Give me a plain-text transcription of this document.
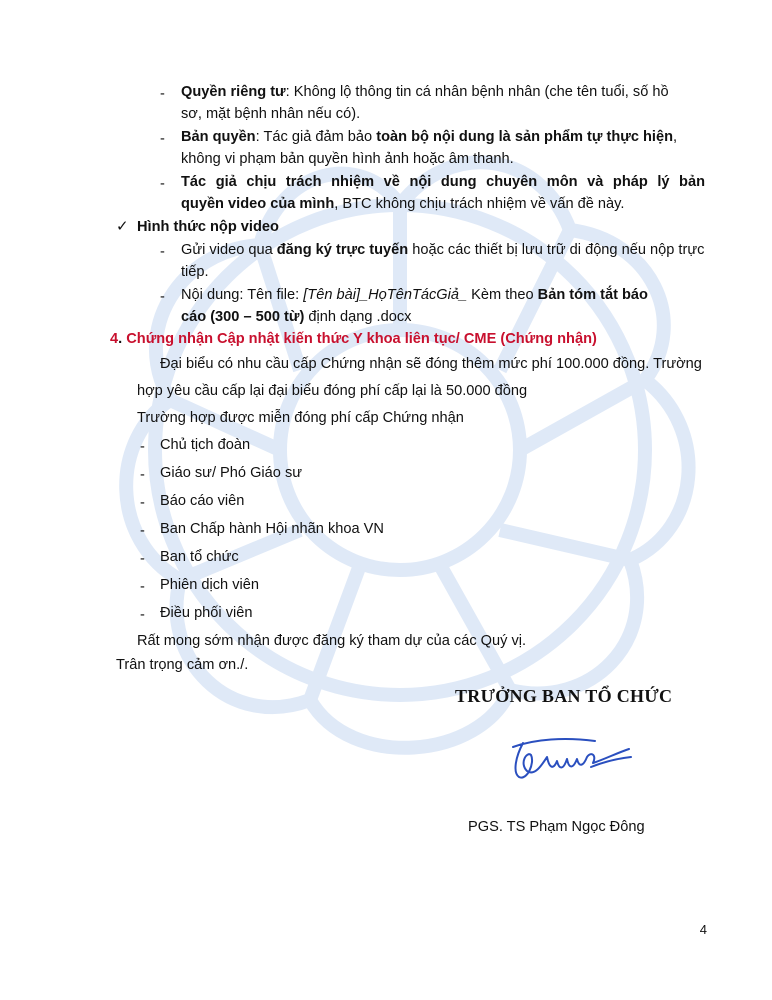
-	Quyền riêng tư: Không lộ thông tin cá nhân bệnh nhân (che tên tuổi, số hồ
sơ, mặt bệnh nhân nếu có).
-	Bản quyền: Tác giả đảm bảo toàn bộ nội dung là sản phẩm tự thực hiện,
không vi phạm bản quyền hình ảnh hoặc âm thanh.
-	Tác giả chịu trách nhiệm về nội dung chuyên môn và pháp lý bản
quyền video của mình, BTC không chịu trách nhiệm về vấn đề này.
✓ Hình thức nộp video
-	Gửi video qua đăng ký trực tuyến hoặc các thiết bị lưu trữ di động nếu nộp trực
tiếp.
-	Nội dung: Tên file: [Tên bài]_HọTênTácGiả_ Kèm theo Bản tóm tắt báo
cáo (300 – 500 từ) định dạng .docx
4. Chứng nhận Cập nhật kiến thức Y khoa liên tục/ CME (Chứng nhận)
Đại biểu có nhu cầu cấp Chứng nhận sẽ đóng thêm mức phí 100.000 đồng. Trường
hợp yêu cầu cấp lại đại biểu đóng phí cấp lại là 50.000 đồng
Trường hợp được miễn đóng phí cấp Chứng nhận
-	Chủ tịch đoàn
-	Giáo sư/ Phó Giáo sư
-	Báo cáo viên
-	Ban Chấp hành Hội nhãn khoa VN
-	Ban tổ chức
-	Phiên dịch viên
-	Điều phối viên
Rất mong sớm nhận được đăng ký tham dự của các Quý vị.
Trân trọng cảm ơn./.
TRƯỞNG BAN TỔ CHỨC
PGS. TS Phạm Ngọc Đông
4
